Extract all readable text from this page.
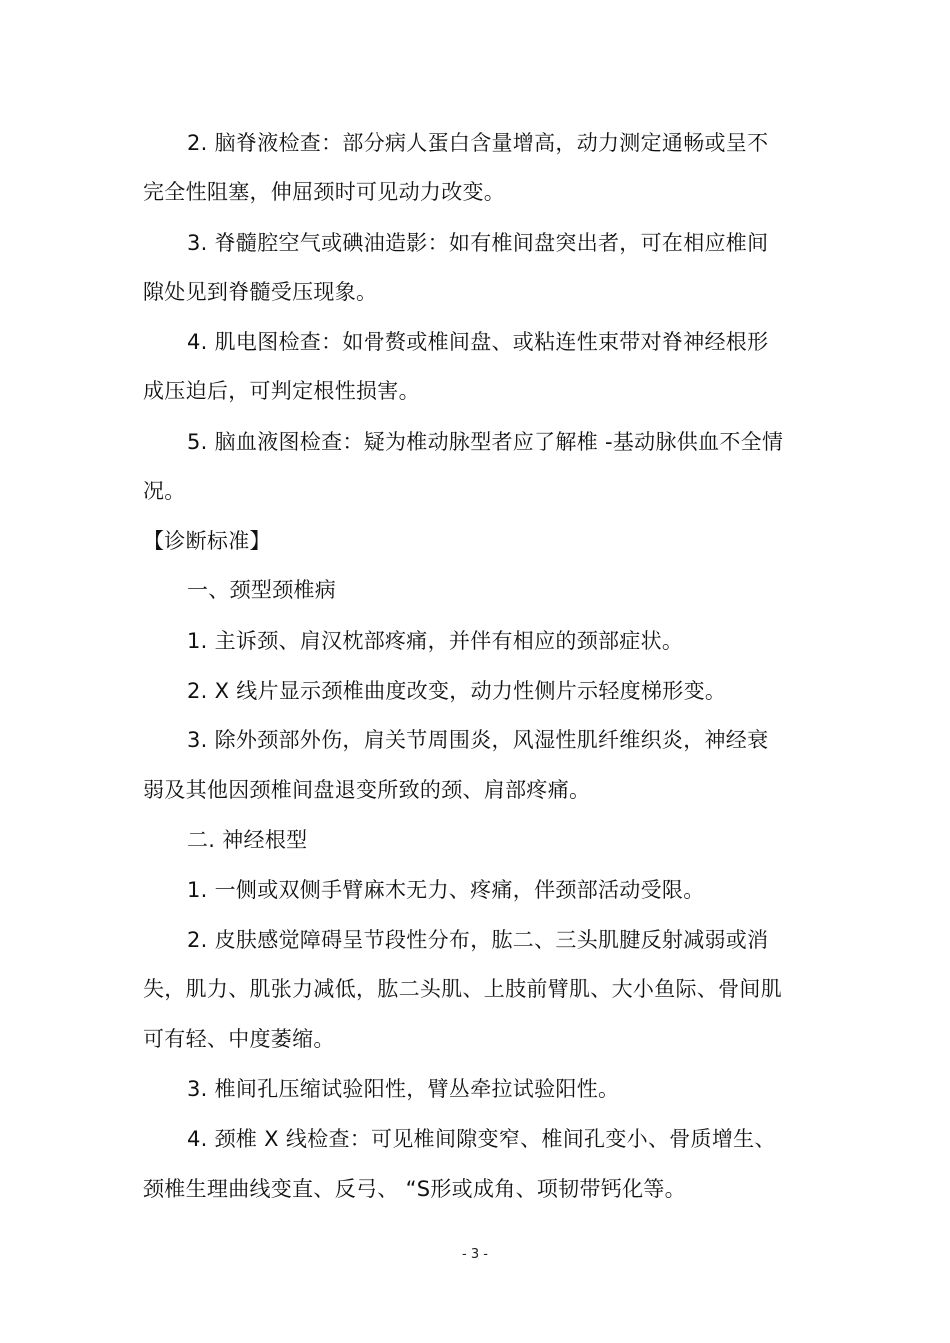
2. 脑脊液检查：部分病人蛋白含量增高，动力测定通畅或呈不
完全性阻塞，伸屈颈时可见动力改变。
3. 脊髓腔空气或碘油造影：如有椎间盘突出者，可在相应椎间
隙处见到脊髓受压现象。
4. 肌电图检查：如骨赘或椎间盘、或粘连性束带对脊神经根形
成压迫后，可判定根性损害。
5. 脑血液图检查：疑为椎动脉型者应了解椎 -基动脉供血不全情
况。
【诊断标准】
一、颈型颈椎病
1. 主诉颈、肩汉枕部疼痛，并伴有相应的颈部症状。
2. X 线片显示颈椎曲度改变，动力性侧片示轻度梯形变。
3. 除外颈部外伤，肩关节周围炎，风湿性肌纤维织炎，神经衰
弱及其他因颈椎间盘退变所致的颈、肩部疼痛。
二. 神经根型
1. 一侧或双侧手臂麻木无力、疼痛，伴颈部活动受限。
2. 皮肤感觉障碍呈节段性分布，肱二、三头肌腱反射减弱或消
失，肌力、肌张力减低，肱二头肌、上肢前臂肌、大小鱼际、骨间肌
可有轻、中度萎缩。
3. 椎间孔压缩试验阳性，臂丛牵拉试验阳性。
4. 颈椎 X 线检查：可见椎间隙变窄、椎间孔变小、骨质增生、
颈椎生理曲线变直、反弓、 “S形或成角、项韧带钙化等。
- 3 -
